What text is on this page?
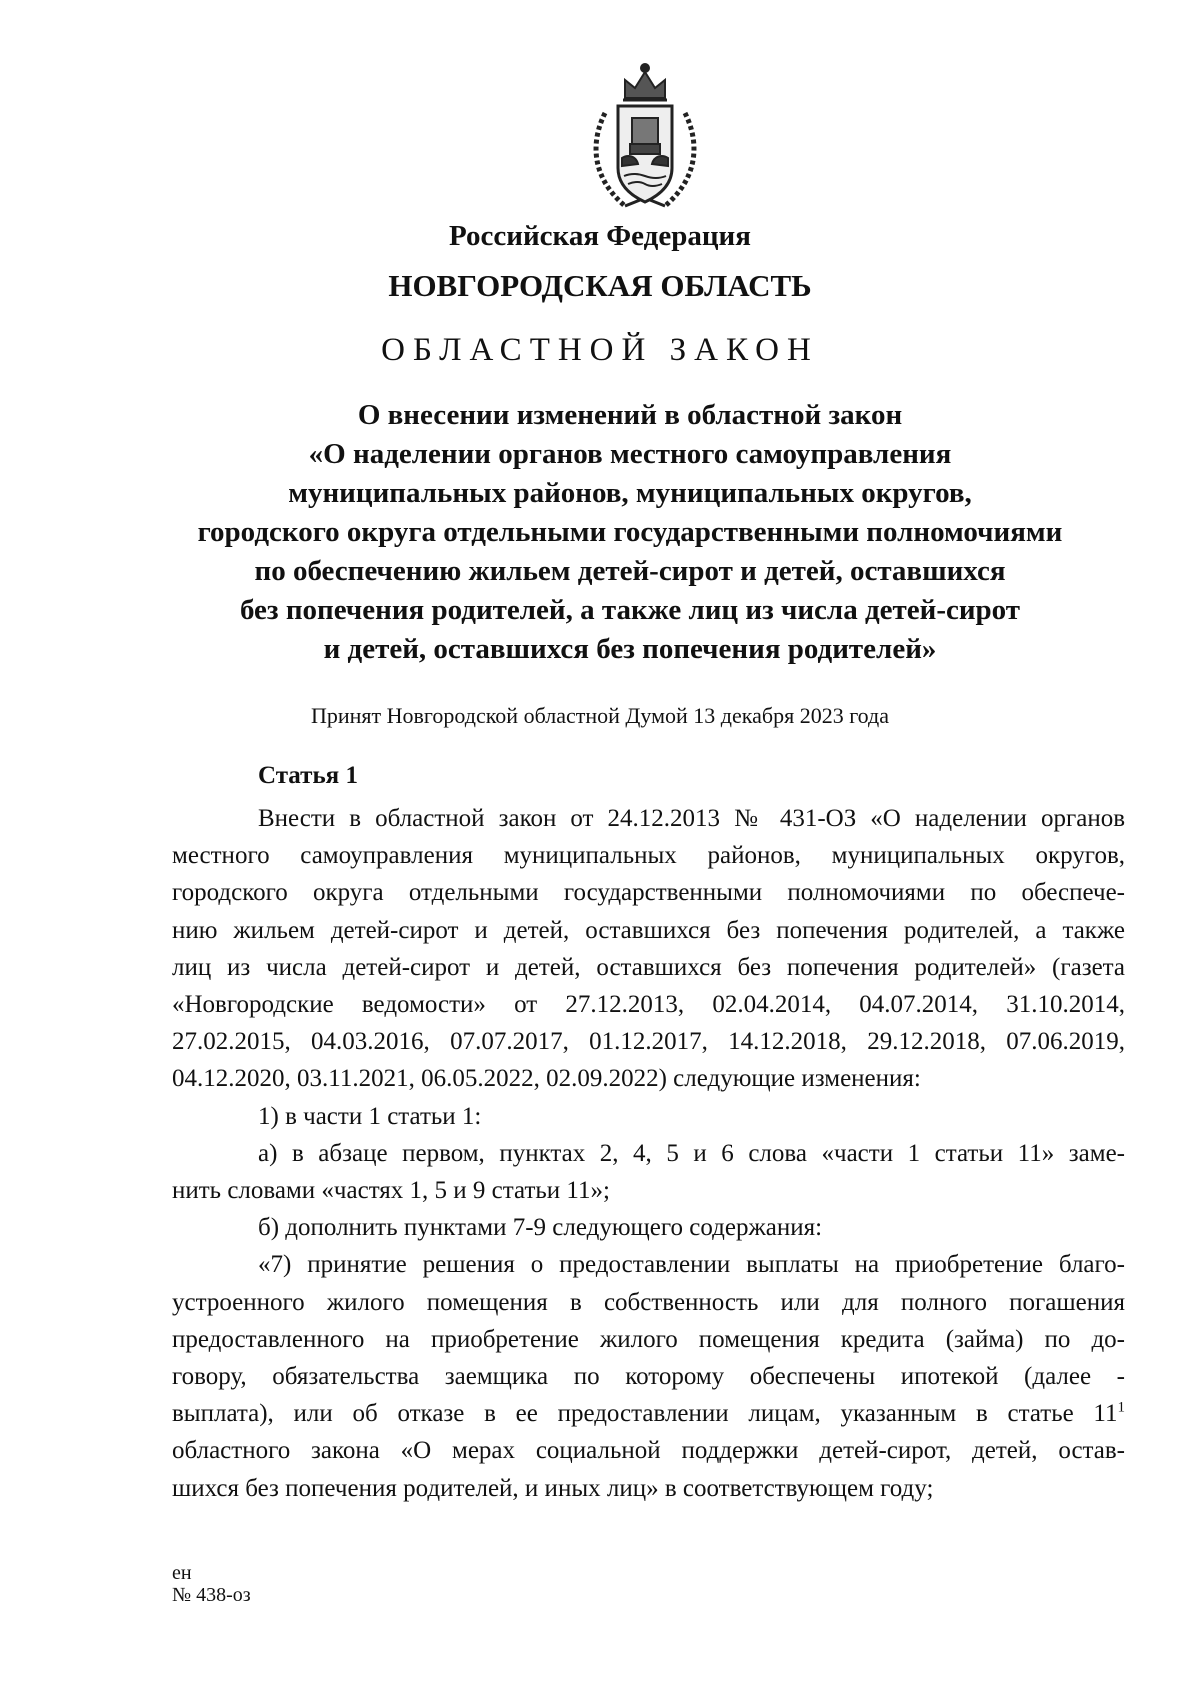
Российская Федерация
НОВГОРОДСКАЯ ОБЛАСТЬ
ОБЛАСТНОЙ ЗАКОН
О внесении изменений в областной закон
«О наделении органов местного самоуправления
муниципальных районов, муниципальных округов,
городского округа отдельными государственными полномочиями
по обеспечению жильем детей-сирот и детей, оставшихся
без попечения родителей, а также лиц из числа детей-сирот
и детей, оставшихся без попечения родителей»
Принят Новгородской областной Думой 13 декабря 2023 года
Статья 1
Внести в областной закон от 24.12.2013 № 431-ОЗ «О наделении органов
местного самоуправления муниципальных районов, муниципальных округов,
городского округа отдельными государственными полномочиями по обеспече-
нию жильем детей-сирот и детей, оставшихся без попечения родителей, а также
лиц из числа детей-сирот и детей, оставшихся без попечения родителей» (газета
«Новгородские ведомости» от 27.12.2013, 02.04.2014, 04.07.2014, 31.10.2014,
27.02.2015, 04.03.2016, 07.07.2017, 01.12.2017, 14.12.2018, 29.12.2018, 07.06.2019,
04.12.2020, 03.11.2021, 06.05.2022, 02.09.2022) следующие изменения:
1) в части 1 статьи 1:
а) в абзаце первом, пунктах 2, 4, 5 и 6 слова «части 1 статьи 11» заме-
нить словами «частях 1, 5 и 9 статьи 11»;
б) дополнить пунктами 7-9 следующего содержания:
«7) принятие решения о предоставлении выплаты на приобретение благо-
устроенного жилого помещения в собственность или для полного погашения
предоставленного на приобретение жилого помещения кредита (займа) по до-
говору, обязательства заемщика по которому обеспечены ипотекой (далее -
выплата), или об отказе в ее предоставлении лицам, указанным в статье $11^1$
областного закона «О мерах социальной поддержки детей-сирот, детей, остав-
шихся без попечения родителей, и иных лиц» в соответствующем году;
ен
№ 438-оз
